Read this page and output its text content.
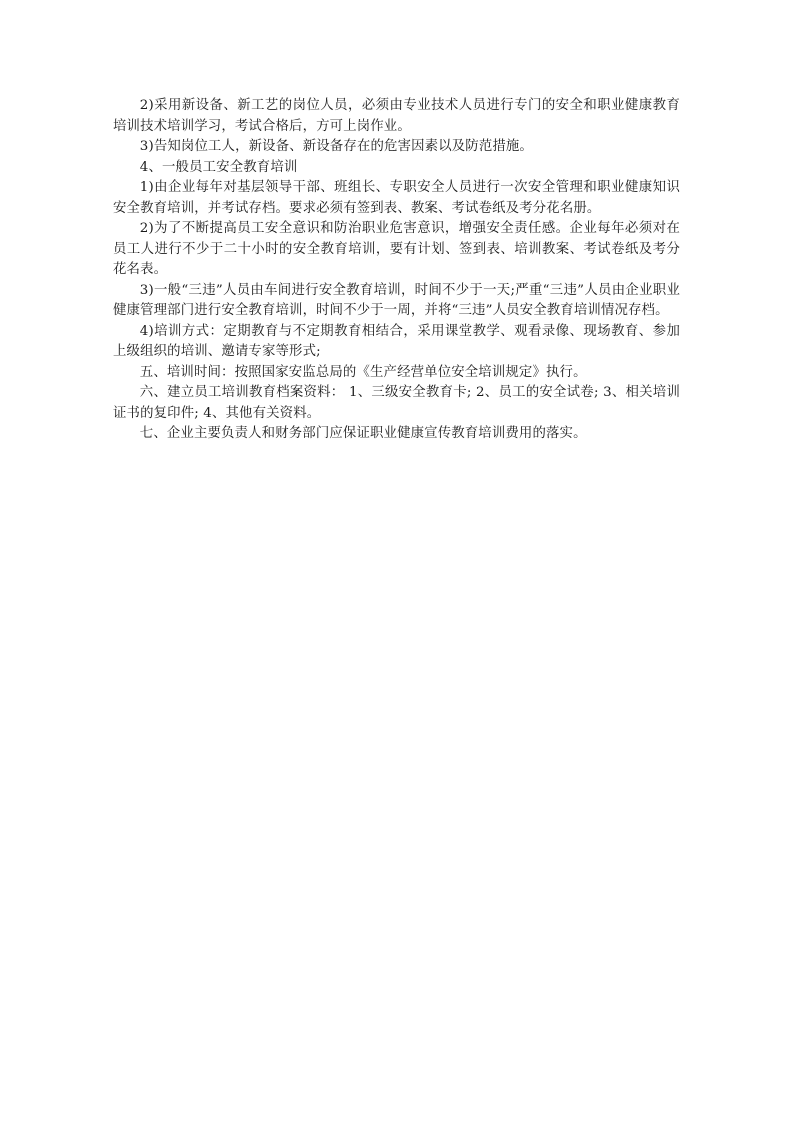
2)采用新设备、新工艺的岗位人员，必须由专业技术人员进行专门的安全和职业健康教育培训技术培训学习，考试合格后，方可上岗作业。

3)告知岗位工人，新设备、新设备存在的危害因素以及防范措施。

4、一般员工安全教育培训

1)由企业每年对基层领导干部、班组长、专职安全人员进行一次安全管理和职业健康知识安全教育培训，并考试存档。要求必须有签到表、教案、考试卷纸及考分花名册。

2)为了不断提高员工安全意识和防治职业危害意识，增强安全责任感。企业每年必须对在员工人进行不少于二十小时的安全教育培训，要有计划、签到表、培训教案、考试卷纸及考分花名表。

3)一般“三违”人员由车间进行安全教育培训，时间不少于一天;严重“三违”人员由企业职业健康管理部门进行安全教育培训，时间不少于一周，并将“三违”人员安全教育培训情况存档。

4)培训方式：定期教育与不定期教育相结合，采用课堂教学、观看录像、现场教育、参加上级组织的培训、邀请专家等形式;

五、培训时间：按照国家安监总局的《生产经营单位安全培训规定》执行。

六、建立员工培训教育档案资料： 1、三级安全教育卡; 2、员工的安全试卷; 3、相关培训证书的复印件; 4、其他有关资料。

七、企业主要负责人和财务部门应保证职业健康宣传教育培训费用的落实。
